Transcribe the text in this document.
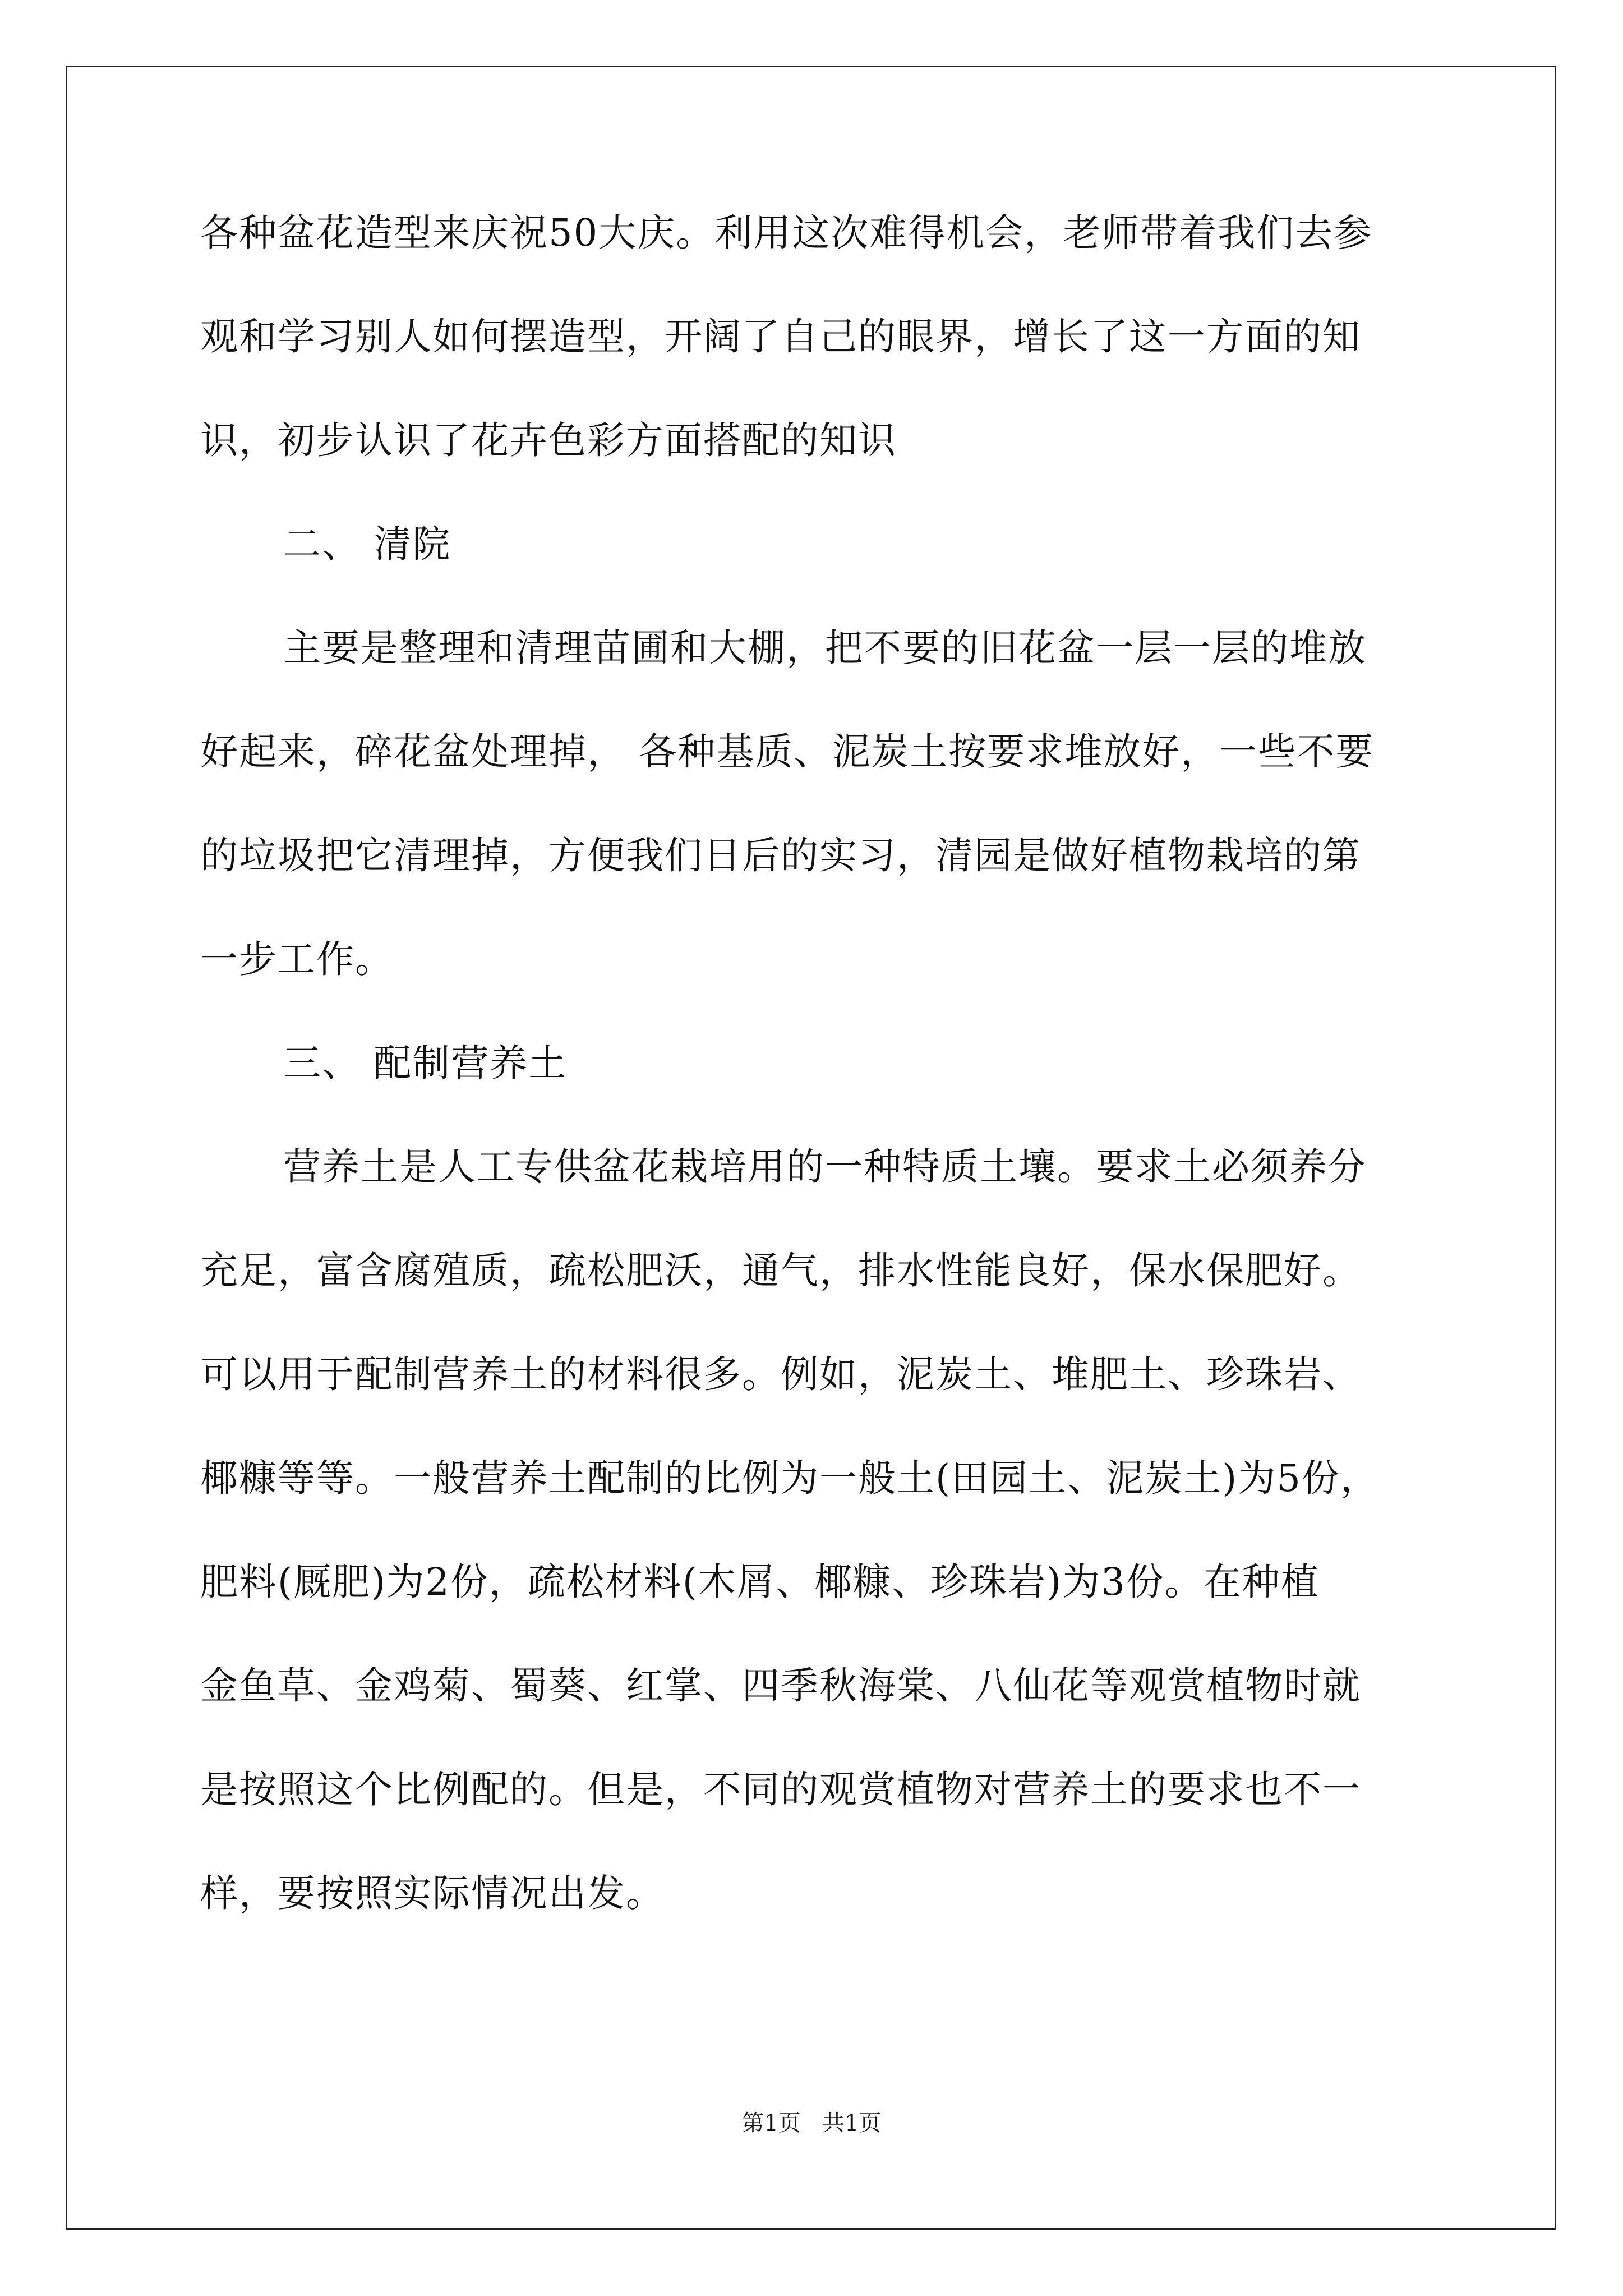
各种盆花造型来庆祝50大庆。利用这次难得机会，老师带着我们去参
观和学习别人如何摆造型，开阔了自己的眼界，增长了这一方面的知
识，初步认识了花卉色彩方面搭配的知识
二、 清院
主要是整理和清理苗圃和大棚，把不要的旧花盆一层一层的堆放
好起来，碎花盆处理掉， 各种基质、泥炭土按要求堆放好，一些不要
的垃圾把它清理掉，方便我们日后的实习，清园是做好植物栽培的第
一步工作。
三、 配制营养土
营养土是人工专供盆花栽培用的一种特质土壤。要求土必须养分
充足，富含腐殖质，疏松肥沃，通气，排水性能良好，保水保肥好。
可以用于配制营养土的材料很多。例如，泥炭土、堆肥土、珍珠岩、
椰糠等等。一般营养土配制的比例为一般土(田园土、泥炭土)为5份，
肥料(厩肥)为2份，疏松材料(木屑、椰糠、珍珠岩)为3份。在种植
金鱼草、金鸡菊、蜀葵、红掌、四季秋海棠、八仙花等观赏植物时就
是按照这个比例配的。但是，不同的观赏植物对营养土的要求也不一
样，要按照实际情况出发。
第1页   共1页
